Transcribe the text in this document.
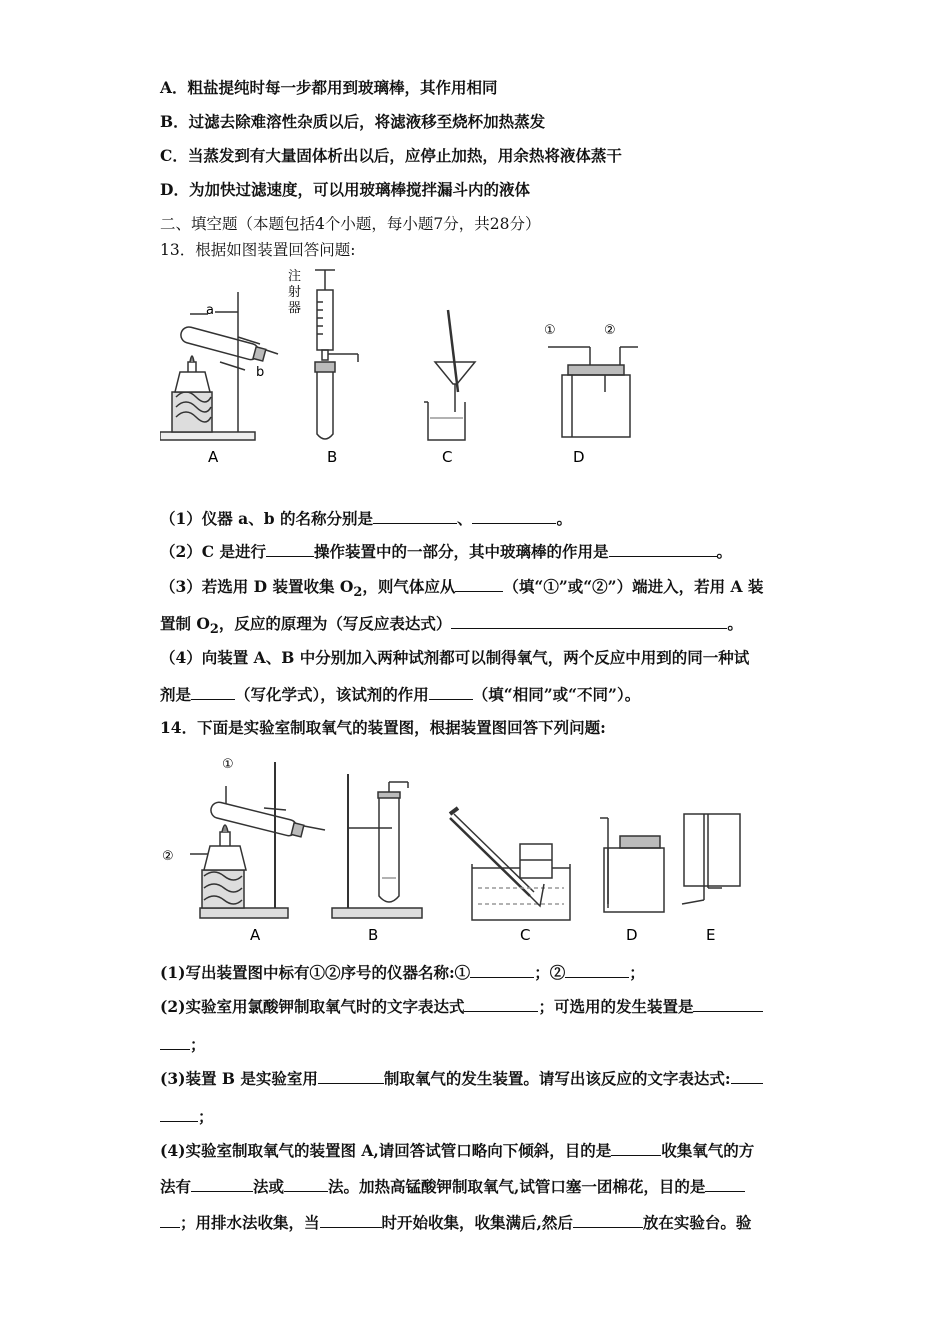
A．粗盐提纯时每一步都用到玻璃棒，其作用相同
B．过滤去除难溶性杂质以后，将滤液移至烧杯加热蒸发
C．当蒸发到有大量固体析出以后，应停止加热，用余热将液体蒸干
D．为加快过滤速度，可以用玻璃棒搅拌漏斗内的液体
二、填空题（本题包括4个小题，每小题7分，共28分）
13．根据如图装置回答问题:
a
b
注射器
A	B	C	D
①	②
（1）仪器 a、b 的名称分别是	、	。
（2）C 是进行	操作装置中的一部分，其中玻璃棒的作用是	。
（3）若选用 D 装置收集 $O_2$，则气体应从	（填“①”或“②”）端进入，若用 A 装
置制 $O_2$，反应的原理为（写反应表达式）	。
（4）向装置 A、B 中分别加入两种试剂都可以制得氧气，两个反应中用到的同一种试
剂是	（写化学式），该试剂的作用	（填“相同”或“不同”）。
14．下面是实验室制取氧气的装置图，根据装置图回答下列问题:
①
②
A	B	C	D	E
(1)写出装置图中标有①②序号的仪器名称:①	；②	；
(2)实验室用氯酸钾制取氧气时的文字表达式	；可选用的发生装置是
；
(3)装置 B 是实验室用	制取氧气的发生装置。请写出该反应的文字表达式:
；
(4)实验室制取氧气的装置图 A,请回答试管口略向下倾斜，目的是	收集氧气的方
法有	法或	法。加热高锰酸钾制取氧气,试管口塞一团棉花，目的是
；用排水法收集，当	时开始收集，收集满后,然后	放在实验台。验
